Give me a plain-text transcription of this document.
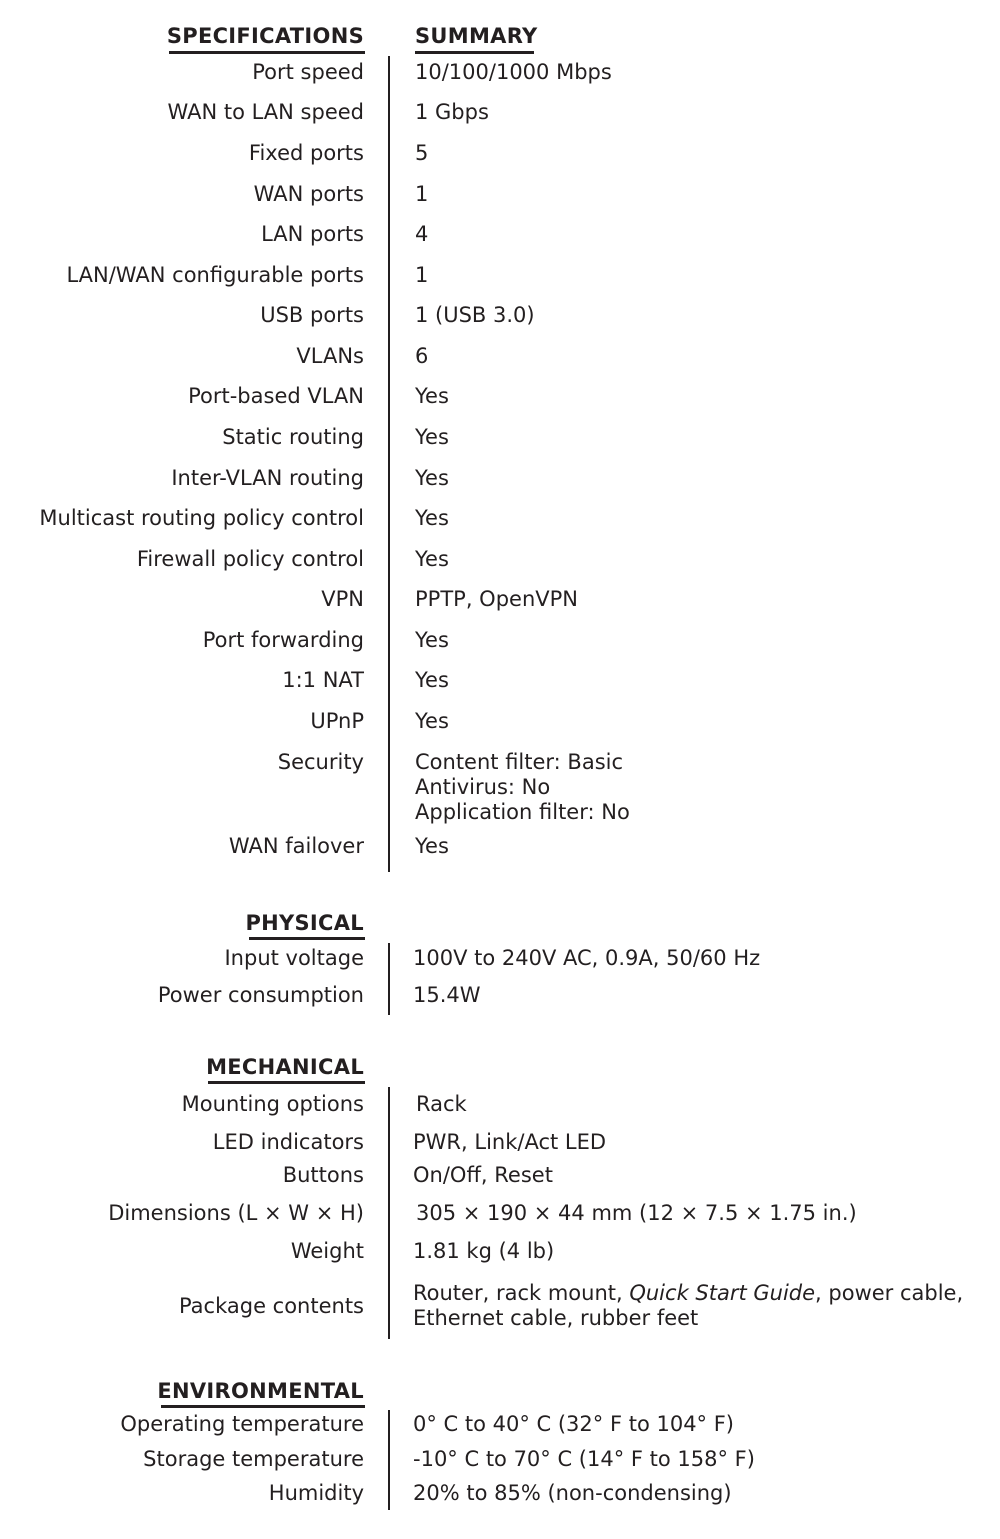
SPECIFICATIONS SUMMARY
Port speed 10/100/1000 Mbps
WAN to LAN speed 1 Gbps
Fixed ports 5
WAN ports 1
LAN ports 4
LAN/WAN configurable ports 1
USB ports 1 (USB 3.0)
VLANs 6
Port-based VLAN Yes
Static routing Yes
Inter-VLAN routing Yes
Multicast routing policy control Yes
Firewall policy control Yes
VPN PPTP, OpenVPN
Port forwarding Yes
1:1 NAT Yes
UPnP Yes
Security Content filter: Basic
Antivirus: No
Application filter: No
WAN failover Yes
PHYSICAL
Input voltage 100V to 240V AC, 0.9A, 50/60 Hz
Power consumption 15.4W
MECHANICAL
Mounting options Rack
LED indicators PWR, Link/Act LED
Buttons On/Off, Reset
Dimensions (L × W × H) 305 × 190 × 44 mm (12 × 7.5 × 1.75 in.)
Weight 1.81 kg (4 lb)
Package contents
Router, rack mount, Quick Start Guide, power cable,
Ethernet cable, rubber feet
ENVIRONMENTAL
Operating temperature 0° C to 40° C (32° F to 104° F)
Storage temperature -10° C to 70° C (14° F to 158° F)
Humidity 20% to 85% (non-condensing)
